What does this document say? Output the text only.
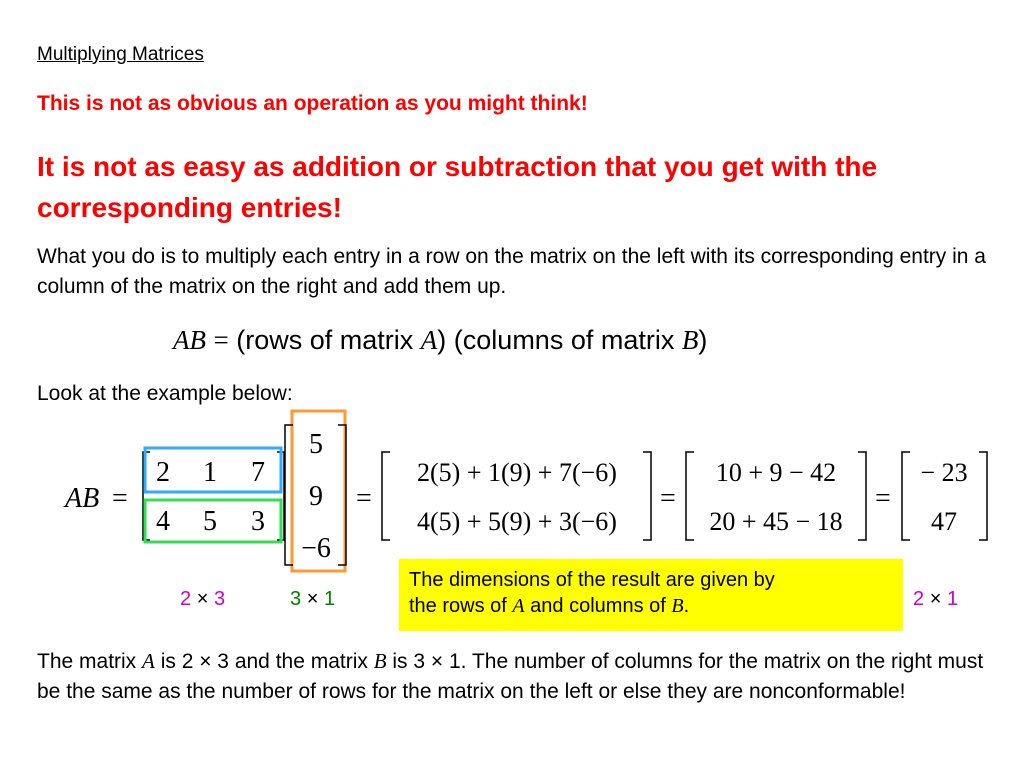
Multiplying Matrices
This is not as obvious an operation as you might think!
It is not as easy as addition or subtraction that you get with the corresponding entries!
What you do is to multiply each entry in a row on the matrix on the left with its corresponding entry in a column of the matrix on the right and add them up.
AB = (rows of matrix A) (columns of matrix B)
Look at the example below:
AB =
2 1 7
4 5 3
5
9
−6
=
2(5) + 1(9) + 7(−6)
4(5) + 5(9) + 3(−6)
=
10 + 9 − 42
20 + 45 − 18
=
− 23
47
2 × 3	3 × 1	2 × 1
The dimensions of the result are given by
the rows of A and columns of B.
The matrix A is 2 × 3 and the matrix B is 3 × 1. The number of columns for the matrix on the right must be the same as the number of rows for the matrix on the left or else they are nonconformable!
